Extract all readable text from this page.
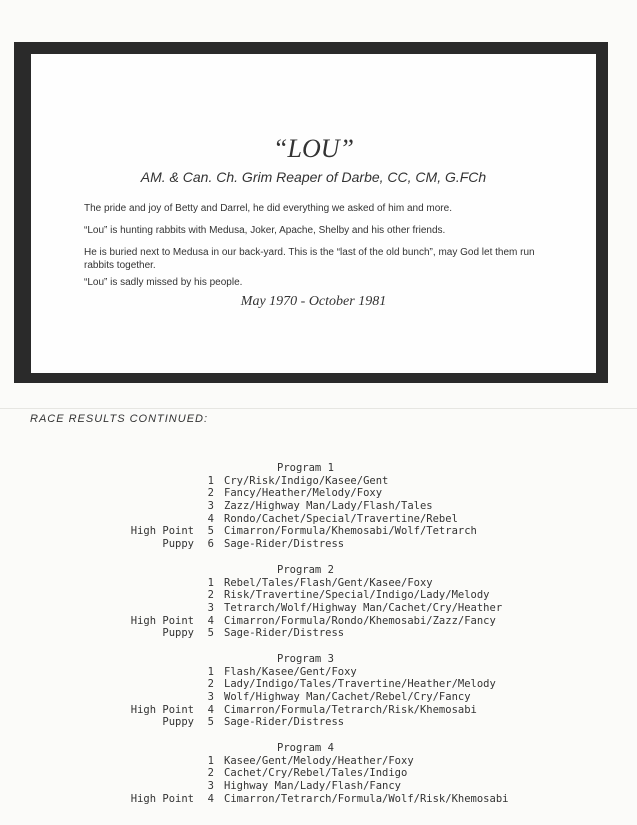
“LOU”
AM. & Can. Ch. Grim Reaper of Darbe, CC, CM, G.FCh

The pride and joy of Betty and Darrel, he did everything we asked of him and more.

“Lou” is hunting rabbits with Medusa, Joker, Apache, Shelby and his other friends.

He is buried next to Medusa in our back-yard. This is the “last of the old bunch”, may God let them run rabbits together.

“Lou” is sadly missed by his people.

May 1970 - October 1981
RACE RESULTS CONTINUED:
Program 1
1 Cry/Risk/Indigo/Kasee/Gent
2 Fancy/Heather/Melody/Foxy
3 Zazz/Highway Man/Lady/Flash/Tales
4 Rondo/Cachet/Special/Travertine/Rebel
High Point	5 Cimarron/Formula/Khemosabi/Wolf/Tetrarch
Puppy	6 Sage-Rider/Distress
Program 2
1 Rebel/Tales/Flash/Gent/Kasee/Foxy
2 Risk/Travertine/Special/Indigo/Lady/Melody
3 Tetrarch/Wolf/Highway Man/Cachet/Cry/Heather
High Point	4 Cimarron/Formula/Rondo/Khemosabi/Zazz/Fancy
Puppy	5 Sage-Rider/Distress
Program 3
1 Flash/Kasee/Gent/Foxy
2 Lady/Indigo/Tales/Travertine/Heather/Melody
3 Wolf/Highway Man/Cachet/Rebel/Cry/Fancy
High Point	4 Cimarron/Formula/Tetrarch/Risk/Khemosabi
Puppy	5 Sage-Rider/Distress
Program 4
1 Kasee/Gent/Melody/Heather/Foxy
2 Cachet/Cry/Rebel/Tales/Indigo
3 Highway Man/Lady/Flash/Fancy
High Point	4 Cimarron/Tetrarch/Formula/Wolf/Risk/Khemosabi
